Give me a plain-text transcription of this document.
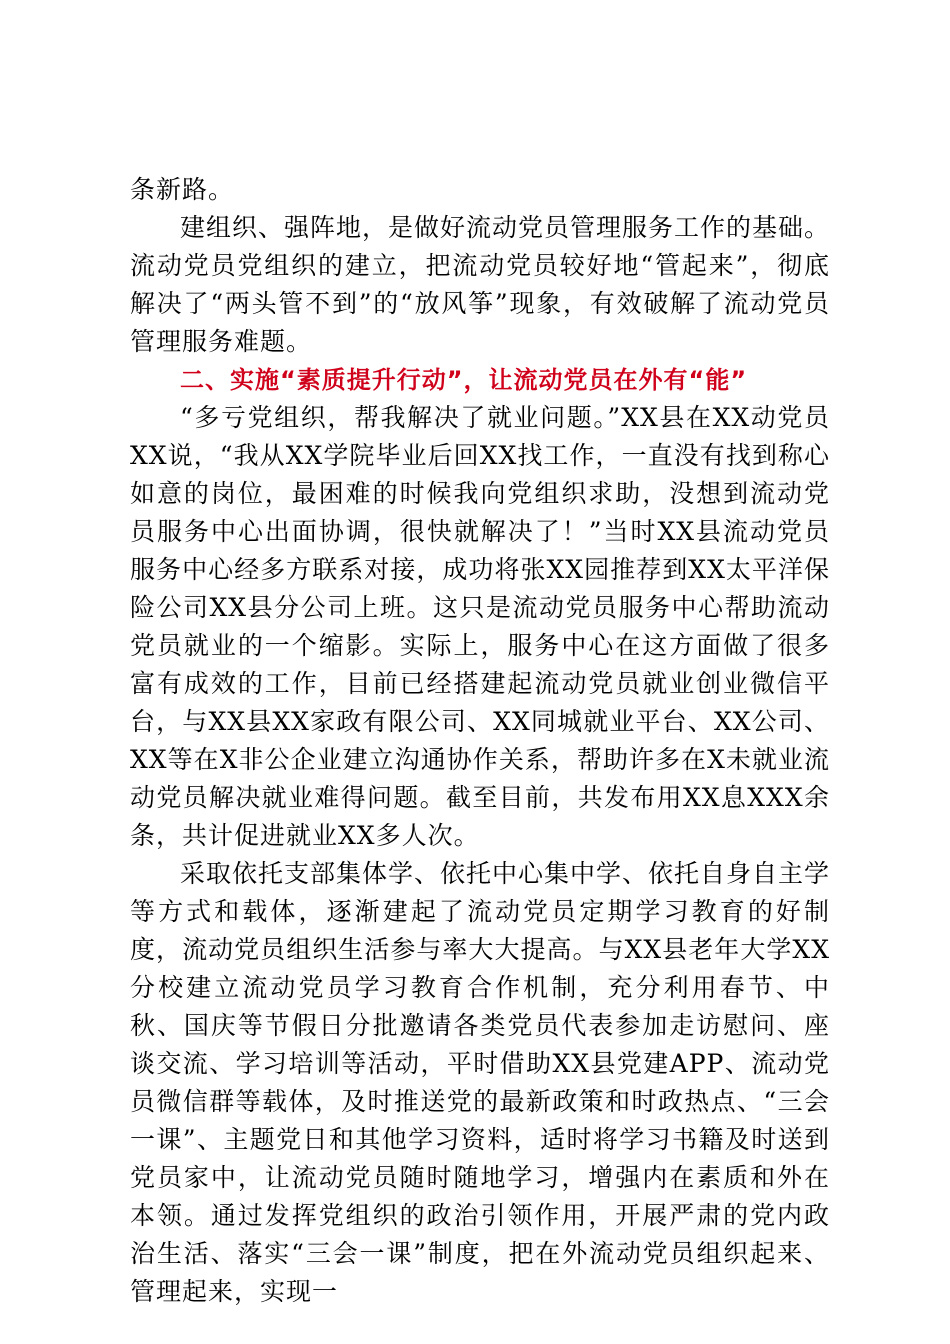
条新路。

建组织、强阵地，是做好流动党员管理服务工作的基础。流动党员党组织的建立，把流动党员较好地“管起来”，彻底解决了“两头管不到”的“放风筝”现象，有效破解了流动党员管理服务难题。

二、实施“素质提升行动”，让流动党员在外有“能”

“多亏党组织，帮我解决了就业问题。”XX县在XX动党员XX说，“我从XX学院毕业后回XX找工作，一直没有找到称心如意的岗位，最困难的时候我向党组织求助，没想到流动党员服务中心出面协调，很快就解决了！”当时XX县流动党员服务中心经多方联系对接，成功将张XX园推荐到XX太平洋保险公司XX县分公司上班。这只是流动党员服务中心帮助流动党员就业的一个缩影。实际上，服务中心在这方面做了很多富有成效的工作，目前已经搭建起流动党员就业创业微信平台，与XX县XX家政有限公司、XX同城就业平台、XX公司、XX等在X非公企业建立沟通协作关系，帮助许多在X未就业流动党员解决就业难得问题。截至目前，共发布用XX息XXX余条，共计促进就业XX多人次。

采取依托支部集体学、依托中心集中学、依托自身自主学等方式和载体，逐渐建起了流动党员定期学习教育的好制度，流动党员组织生活参与率大大提高。与XX县老年大学XX分校建立流动党员学习教育合作机制，充分利用春节、中秋、国庆等节假日分批邀请各类党员代表参加走访慰问、座谈交流、学习培训等活动，平时借助XX县党建APP、流动党员微信群等载体，及时推送党的最新政策和时政热点、“三会一课”、主题党日和其他学习资料，适时将学习书籍及时送到党员家中，让流动党员随时随地学习，增强内在素质和外在本领。通过发挥党组织的政治引领作用，开展严肃的党内政治生活、落实“三会一课”制度，把在外流动党员组织起来、管理起来，实现一
